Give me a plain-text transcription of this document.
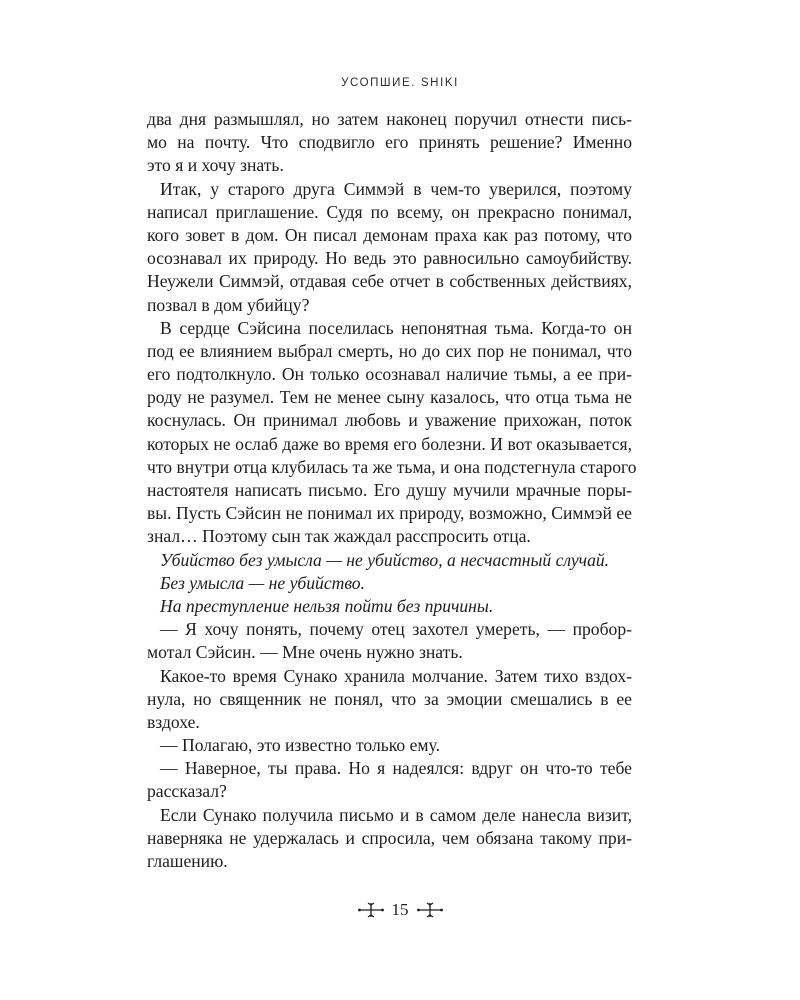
УСОПШИЕ. SHIKI
два дня размышлял, но затем наконец поручил отнести пись-
мо на почту. Что сподвигло его принять решение? Именно
это я и хочу знать.
Итак, у старого друга Симмэй в чем-то уверился, поэтому
написал приглашение. Судя по всему, он прекрасно понимал,
кого зовет в дом. Он писал демонам праха как раз потому, что
осознавал их природу. Но ведь это равносильно самоубийству.
Неужели Симмэй, отдавая себе отчет в собственных действиях,
позвал в дом убийцу?
В сердце Сэйсина поселилась непонятная тьма. Когда-то он
под ее влиянием выбрал смерть, но до сих пор не понимал, что
его подтолкнуло. Он только осознавал наличие тьмы, а ее при-
роду не разумел. Тем не менее сыну казалось, что отца тьма не
коснулась. Он принимал любовь и уважение прихожан, поток
которых не ослаб даже во время его болезни. И вот оказывается,
что внутри отца клубилась та же тьма, и она подстегнула старого
настоятеля написать письмо. Его душу мучили мрачные поры-
вы. Пусть Сэйсин не понимал их природу, возможно, Симмэй ее
знал… Поэтому сын так жаждал расспросить отца.
Убийство без умысла — не убийство, а несчастный случай.
Без умысла — не убийство.
На преступление нельзя пойти без причины.
— Я хочу понять, почему отец захотел умереть, — пробор-
мотал Сэйсин. — Мне очень нужно знать.
Какое-то время Сунако хранила молчание. Затем тихо вздох-
нула, но священник не понял, что за эмоции смешались в ее
вздохе.
— Полагаю, это известно только ему.
— Наверное, ты права. Но я надеялся: вдруг он что-то тебе
рассказал?
Если Сунако получила письмо и в самом деле нанесла визит,
наверняка не удержалась и спросила, чем обязана такому при-
глашению.
15
